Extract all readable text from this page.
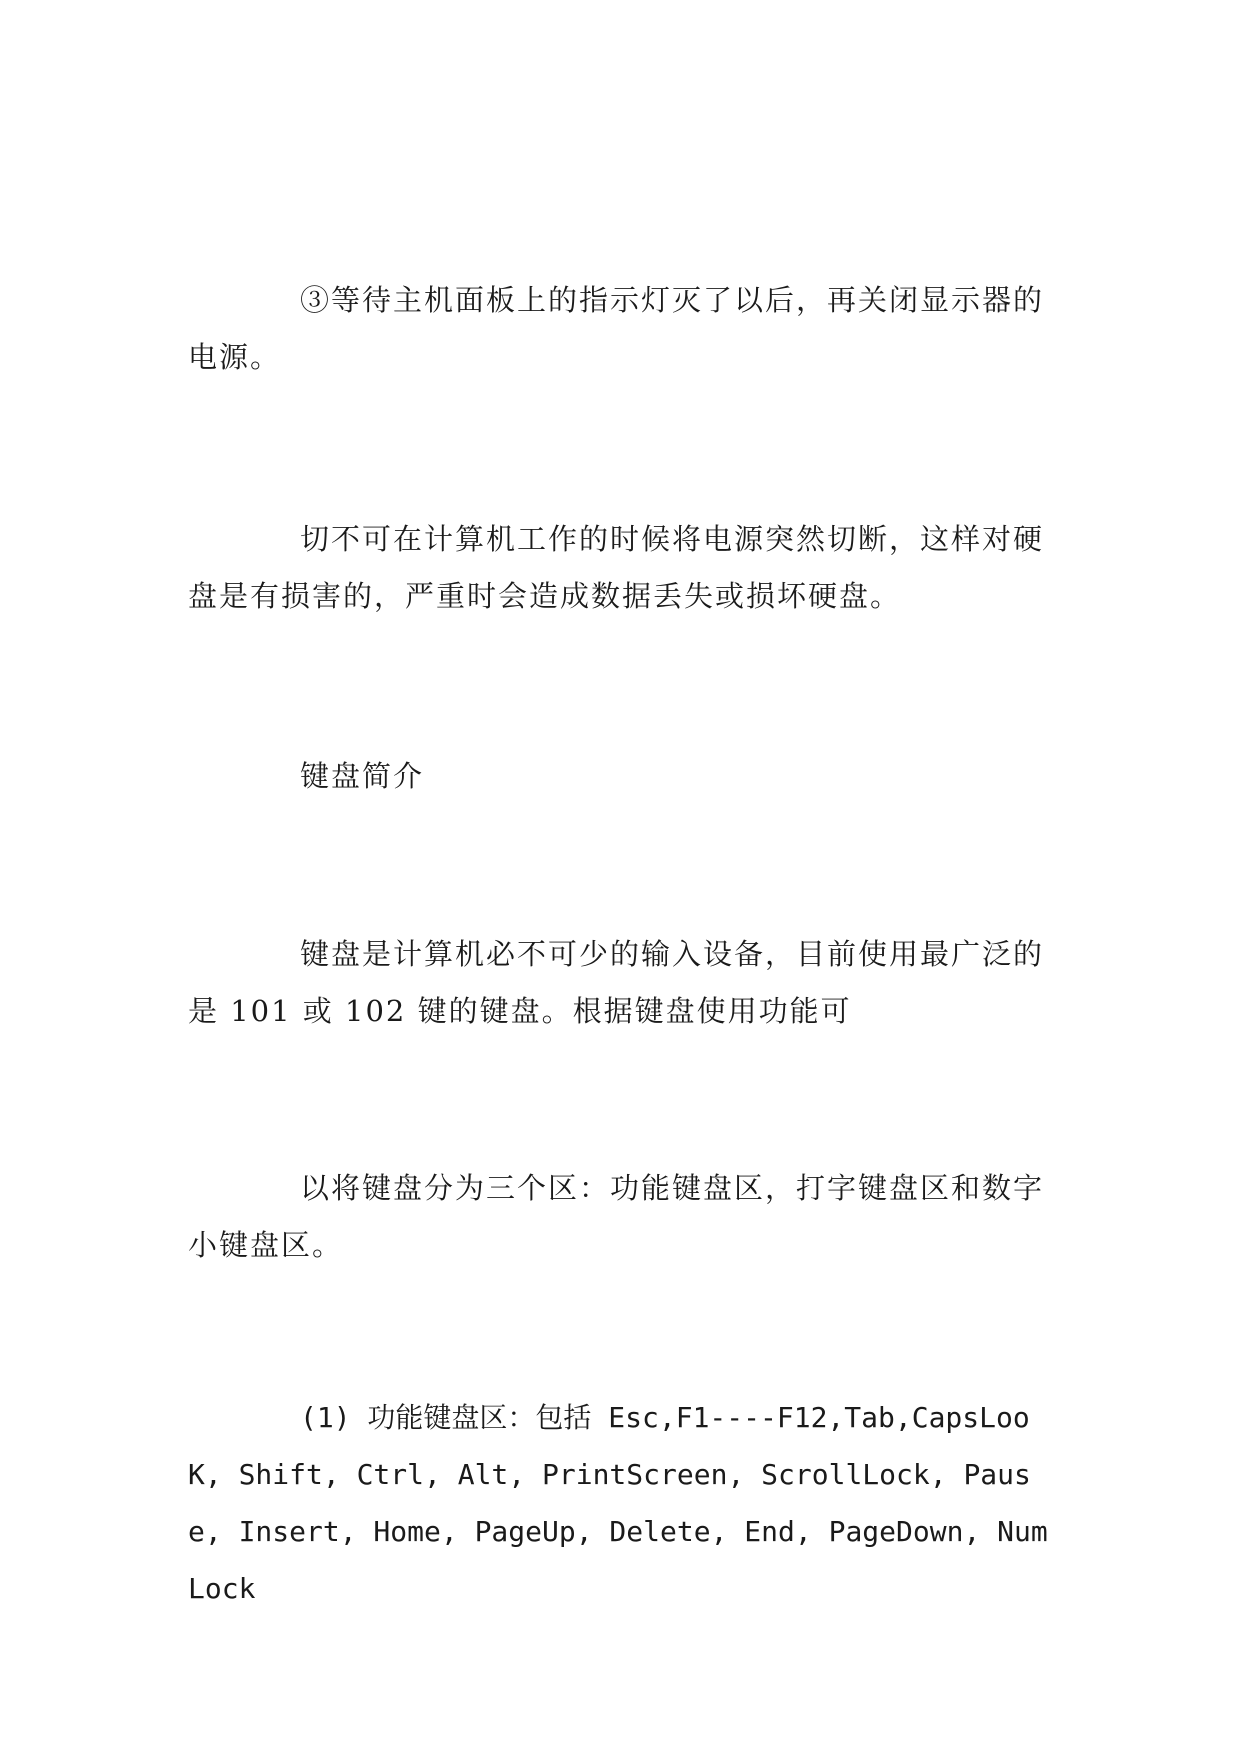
③等待主机面板上的指示灯灭了以后，再关闭显示器的电源。

切不可在计算机工作的时候将电源突然切断，这样对硬盘是有损害的，严重时会造成数据丢失或损坏硬盘。

键盘简介

键盘是计算机必不可少的输入设备，目前使用最广泛的是 101 或 102 键的键盘。根据键盘使用功能可

以将键盘分为三个区：功能键盘区，打字键盘区和数字小键盘区。

(1) 功能键盘区：包括 Esc,F1----F12,Tab,CapsLooK, Shift, Ctrl, Alt, PrintScreen, ScrollLock, Pause, Insert, Home, PageUp, Delete, End, PageDown, NumLock
